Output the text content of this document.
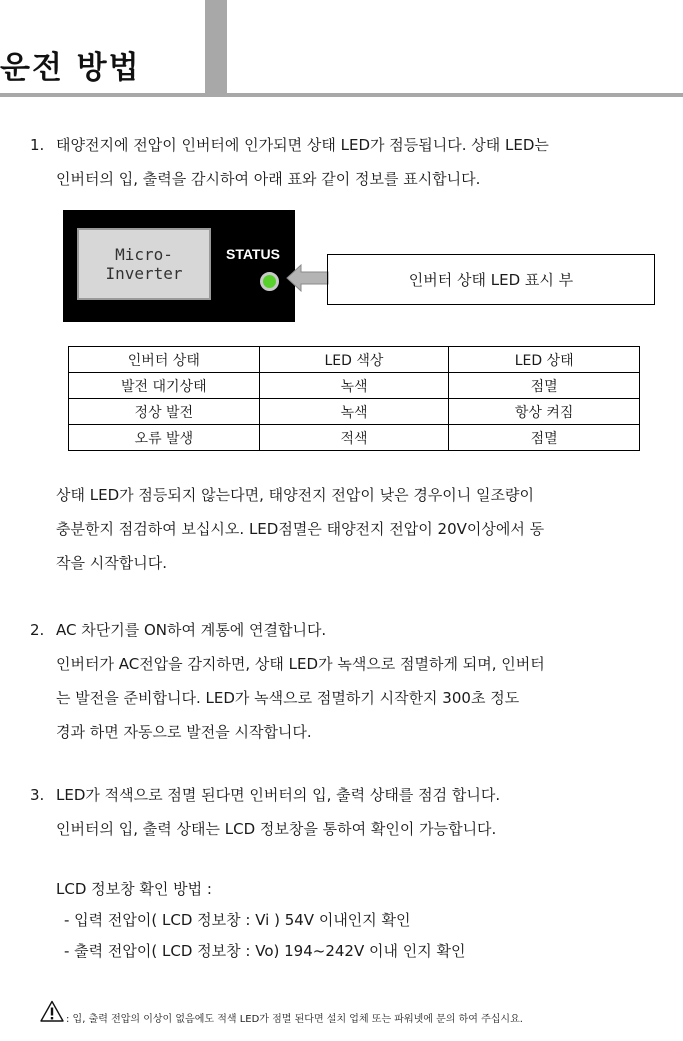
운전 방법
1. 태양전지에 전압이 인버터에 인가되면 상태 LED가 점등됩니다. 상태 LED는
인버터의 입, 출력을 감시하여 아래 표와 같이 정보를 표시합니다.
Micro-
Inverter
STATUS
인버터 상태 LED 표시 부
인버터 상태	LED 색상	LED 상태
발전 대기상태	녹색	점멸
정상 발전	녹색	항상 켜짐
오류 발생	적색	점멸
상태 LED가 점등되지 않는다면, 태양전지 전압이 낮은 경우이니 일조량이
충분한지 점검하여 보십시오. LED점멸은 태양전지 전압이 20V이상에서 동
작을 시작합니다.
2. AC 차단기를 ON하여 계통에 연결합니다.
인버터가 AC전압을 감지하면, 상태 LED가 녹색으로 점멸하게 되며, 인버터
는 발전을 준비합니다. LED가 녹색으로 점멸하기 시작한지 300초 정도
경과 하면 자동으로 발전을 시작합니다.
3. LED가 적색으로 점멸 된다면 인버터의 입, 출력 상태를 점검 합니다.
인버터의 입, 출력 상태는 LCD 정보창을 통하여 확인이 가능합니다.
LCD 정보창 확인 방법 :
- 입력 전압이( LCD 정보창 : Vi ) 54V 이내인지 확인
- 출력 전압이( LCD 정보창 : Vo) 194~242V 이내 인지 확인
: 입, 출력 전압의 이상이 없음에도 적색 LED가 점멸 된다면 설치 업체 또는 파워넷에 문의 하여 주십시요.
